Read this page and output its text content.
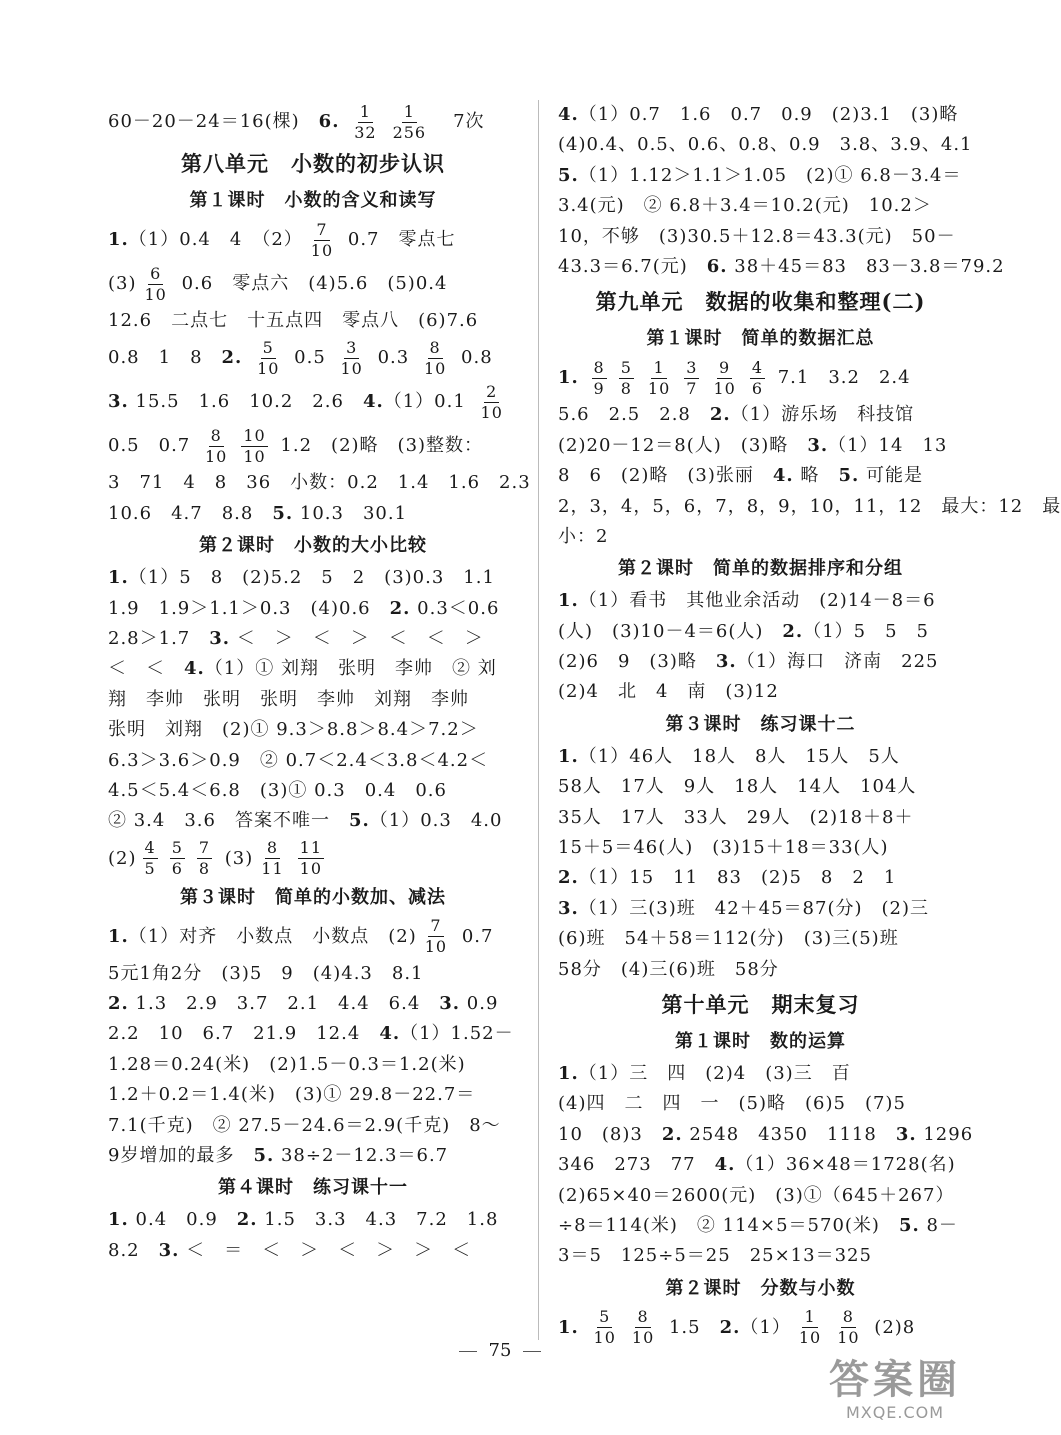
60－20－24＝16(棵)　6. $\frac{1}{32} \frac{1}{256}$ 　7次
第八单元　小数的初步认识
第１课时　小数的含义和读写
1.（1）0.4　4　$(2) \frac{7}{10} 0.7$　零点七
$(3) \frac{6}{10} 0.6$　零点六　(4)5.6　(5)0.4
12.6　二点七　十五点四　零点八　(6)7.6
0.8　1　8　2. $\frac{5}{10} 0.5 \frac{3}{10} 0.3 \frac{8}{10} 0.8$
3. 15.5　1.6　10.2　2.6　$4.(1)0.1 \frac{2}{10}$
0.5　$0.7 \frac{8}{10} \frac{10}{10} 1.2$　(2)略　(3)整数：
3　71　4　8　36　小数：0.2　1.4　1.6　2.3
10.6　4.7　8.8　5. 10.3　30.1
第２课时　小数的大小比较
1.（1）5　8　(2)5.2　5　2　(3)0.3　1.1
1.9　1.9＞1.1＞0.3　(4)0.6　2. 0.3＜0.6
2.8＞1.7　3. ＜　＞　＜　＞　＜　＜　＞
＜　＜　4.（1）① 刘翔　张明　李帅　② 刘
翔　李帅　张明　张明　李帅　刘翔　李帅
张明　刘翔　(2)① 9.3＞8.8＞8.4＞7.2＞
6.3＞3.6＞0.9　② 0.7＜2.4＜3.8＜4.2＜
4.5＜5.4＜6.8　(3)① 0.3　0.4　0.6
② 3.4　3.6　答案不唯一　5.（1）0.3　4.0
$(2) \frac{4}{5} \frac{5}{6} \frac{7}{8} (3) \frac{8}{11} \frac{11}{10}$
第３课时　简单的小数加、减法
1.（1）对齐　小数点　小数点　$(2) \frac{7}{10} 0.7$
5元1角2分　(3)5　9　(4)4.3　8.1
2. 1.3　2.9　3.7　2.1　4.4　6.4　3. 0.9
2.2　10　6.7　21.9　12.4　4.（1）1.52－
1.28＝0.24(米)　(2)1.5－0.3＝1.2(米)
1.2＋0.2＝1.4(米)　(3)① 29.8－22.7＝
7.1(千克)　② 27.5－24.6＝2.9(千克)　8～
9岁增加的最多　5. 38÷2－12.3＝6.7
第４课时　练习课十一
1. 0.4　0.9　2. 1.5　3.3　4.3　7.2　1.8
8.2　3. ＜　＝　＜　＞　＜　＞　＞　＜
4.（1）0.7　1.6　0.7　0.9　(2)3.1　(3)略
(4)0.4、0.5、0.6、0.8、0.9　3.8、3.9、4.1
5.（1）1.12＞1.1＞1.05　(2)① 6.8－3.4＝
3.4(元)　② 6.8＋3.4＝10.2(元)　10.2＞
10，不够　(3)30.5＋12.8＝43.3(元)　50－
43.3＝6.7(元)　6. 38＋45＝83　83－3.8＝79.2
第九单元　数据的收集和整理(二)
第１课时　简单的数据汇总
1. $\frac{8}{9} \frac{5}{8} \frac{1}{10} \frac{3}{7} \frac{9}{10} \frac{4}{6} 7.1$　3.2　2.4
5.6　2.5　2.8　2.（1）游乐场　科技馆
(2)20－12＝8(人)　(3)略　3.（1）14　13
8　6　(2)略　(3)张丽　4. 略　5. 可能是
2，3，4，5，6，7，8，9，10，11，12　最大：12　最
小：2
第２课时　简单的数据排序和分组
1.（1）看书　其他业余活动　(2)14－8＝6
(人)　(3)10－4＝6(人)　2.（1）5　5　5
(2)6　9　(3)略　3.（1）海口　济南　225
(2)4　北　4　南　(3)12
第３课时　练习课十二
1.（1）46人　18人　8人　15人　5人
58人　17人　9人　18人　14人　104人
35人　17人　33人　29人　(2)18＋8＋
15＋5＝46(人)　(3)15＋18＝33(人)
2.（1）15　11　83　(2)5　8　2　1
3.（1）三(3)班　42＋45＝87(分)　(2)三
(6)班　54＋58＝112(分)　(3)三(5)班
58分　(4)三(6)班　58分
第十单元　期末复习
第１课时　数的运算
1.（1）三　四　(2)4　(3)三　百
(4)四　二　四　一　(5)略　(6)5　(7)5
10　(8)3　2. 2548　4350　1118　3. 1296
346　273　77　4.（1）36×48＝1728(名)
(2)65×40＝2600(元)　(3)①（645＋267）
÷8＝114(米)　② 114×5＝570(米)　5. 8－
3＝5　125÷5＝25　25×13＝325
第２课时　分数与小数
1. $\frac{5}{10} \frac{8}{10} 1.5$　$2.(1) \frac{1}{10} \frac{8}{10} (2)8$
75
答案圈
MXQE.COM
